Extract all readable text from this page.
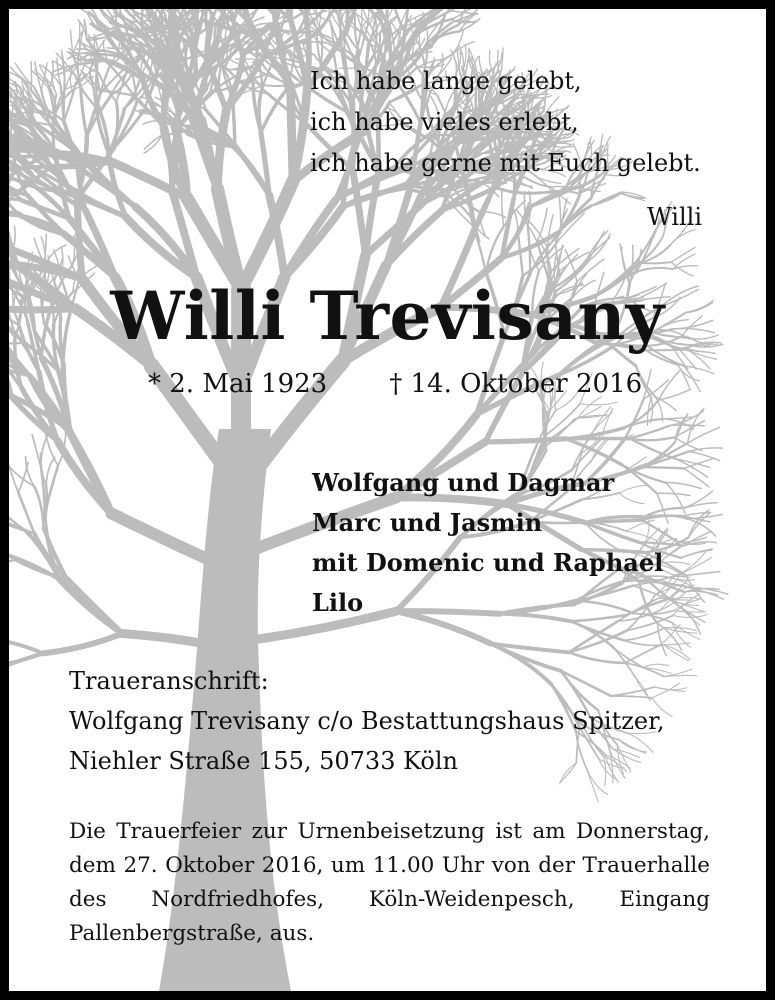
Ich habe lange gelebt,
ich habe vieles erlebt,
ich habe gerne mit Euch gelebt.
Willi
Willi Trevisany
* 2. Mai 1923 † 14. Oktober 2016
Wolfgang und Dagmar
Marc und Jasmin
mit Domenic und Raphael
Lilo
Traueranschrift:
Wolfgang Trevisany c/o Bestattungshaus Spitzer,
Niehler Straße 155, 50733 Köln
Die Trauerfeier zur Urnenbeisetzung ist am Donnerstag, dem 27. Oktober 2016, um 11.00 Uhr von der Trauerhalle des Nordfriedhofes, Köln-Weidenpesch, Eingang Pallenbergstraße, aus.
